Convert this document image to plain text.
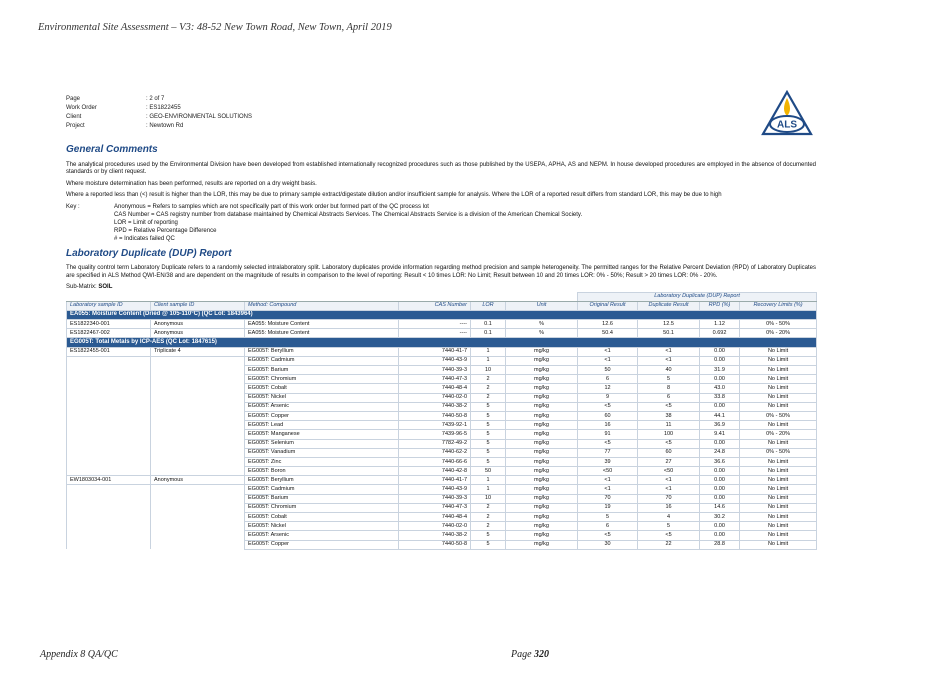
Environmental Site Assessment – V3: 48-52 New Town Road, New Town, April 2019
Page	: 2 of 7
Work Order	: ES1822455
Client	: GEO-ENVIRONMENTAL SOLUTIONS
Project	: Newtown Rd	ALS
General Comments

The analytical procedures used by the Environmental Division have been developed from established internationally recognized procedures such as those published by the USEPA, APHA, AS and NEPM. In house developed procedures are employed in the absence of documented standards or by client request.

Where moisture determination has been performed, results are reported on a dry weight basis.

Where a reported less than (<) result is higher than the LOR, this may be due to primary sample extract/digestate dilution and/or insufficient sample for analysis. Where the LOR of a reported result differs from standard LOR, this may be due to high

Key :	Anonymous = Refers to samples which are not specifically part of this work order but formed part of the QC process lot
CAS Number = CAS registry number from database maintained by Chemical Abstracts Services. The Chemical Abstracts Service is a division of the American Chemical Society.
LOR = Limit of reporting
RPD = Relative Percentage Difference
# = Indicates failed QC
Laboratory Duplicate (DUP) Report

The quality control term Laboratory Duplicate refers to a randomly selected intralaboratory split. Laboratory duplicates provide information regarding method precision and sample heterogeneity. The permitted ranges for the Relative Percent Deviation (RPD) of Laboratory Duplicates are specified in ALS Method QWI-EN/38 and are dependent on the magnitude of results in comparison to the level of reporting: Result < 10 times LOR: No Limit; Result between 10 and 20 times LOR: 0% - 50%; Result > 20 times LOR: 0% - 20%.

Sub-Matrix: SOIL
						Laboratory Duplicate (DUP) Report			
Laboratory sample ID	Client sample ID	Method: Compound	CAS Number	LOR	Unit	Original Result	Duplicate Result	RPD (%)	Recovery Limits (%)
EA055: Moisture Content (Dried @ 105-110°C) (QC Lot: 1843964)									
ES1822340-001	Anonymous	EA055: Moisture Content	----	0.1	%	12.6	12.5	1.12	0% - 50%
ES1822467-002	Anonymous	EA055: Moisture Content	----	0.1	%	50.4	50.1	0.692	0% - 20%
EG005T: Total Metals by ICP-AES (QC Lot: 1847615)									
ES1822455-001	Triplicate 4	EG005T: Beryllium	7440-41-7	1	mg/kg	<1	<1	0.00	No Limit
		EG005T: Cadmium	7440-43-9	1	mg/kg	<1	<1	0.00	No Limit
		EG005T: Barium	7440-39-3	10	mg/kg	50	40	31.9	No Limit
		EG005T: Chromium	7440-47-3	2	mg/kg	6	5	0.00	No Limit
		EG005T: Cobalt	7440-48-4	2	mg/kg	12	8	43.0	No Limit
		EG005T: Nickel	7440-02-0	2	mg/kg	9	6	33.8	No Limit
		EG005T: Arsenic	7440-38-2	5	mg/kg	<5	<5	0.00	No Limit
		EG005T: Copper	7440-50-8	5	mg/kg	60	38	44.1	0% - 50%
		EG005T: Lead	7439-92-1	5	mg/kg	16	11	36.9	No Limit
		EG005T: Manganese	7439-96-5	5	mg/kg	91	100	9.41	0% - 20%
		EG005T: Selenium	7782-49-2	5	mg/kg	<5	<5	0.00	No Limit
		EG005T: Vanadium	7440-62-2	5	mg/kg	77	60	24.8	0% - 50%
		EG005T: Zinc	7440-66-6	5	mg/kg	39	27	36.6	No Limit
		EG005T: Boron	7440-42-8	50	mg/kg	<50	<50	0.00	No Limit
EW1803034-001	Anonymous	EG005T: Beryllium	7440-41-7	1	mg/kg	<1	<1	0.00	No Limit
		EG005T: Cadmium	7440-43-9	1	mg/kg	<1	<1	0.00	No Limit
		EG005T: Barium	7440-39-3	10	mg/kg	70	70	0.00	No Limit
		EG005T: Chromium	7440-47-3	2	mg/kg	19	16	14.6	No Limit
		EG005T: Cobalt	7440-48-4	2	mg/kg	5	4	30.2	No Limit
		EG005T: Nickel	7440-02-0	2	mg/kg	6	5	0.00	No Limit
		EG005T: Arsenic	7440-38-2	5	mg/kg	<5	<5	0.00	No Limit
		EG005T: Copper	7440-50-8	5	mg/kg	30	22	28.8	No Limit
Appendix 8 QA/QC	Page 320
